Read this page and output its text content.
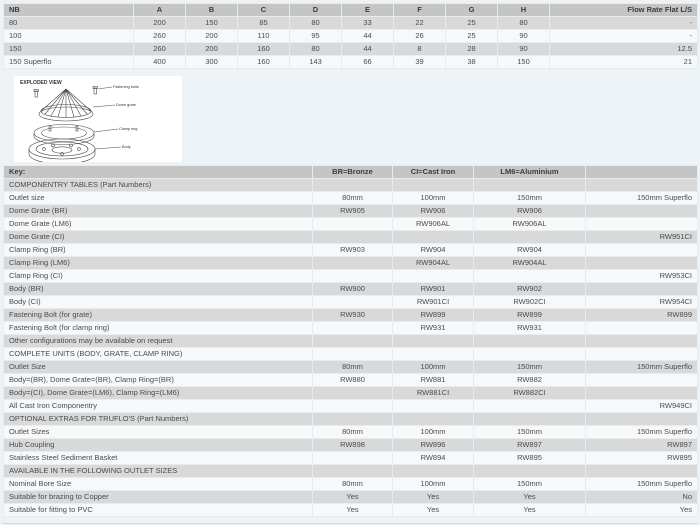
NB	A	B	C	D	E	F	G	H	Flow Rate Flat L/S
80	200	150	85	80	33	22	25	80	-
100	260	200	110	95	44	26	25	90	-
150	260	200	160	80	44	8	28	90	12.5
150 Superflo	400	300	160	143	66	39	38	150	21
EXPLODED VIEW
Fastening bolts
Dome grate
Clamp ring
Body
Key:	BR=Bronze	CI=Cast Iron	LM6=Aluminium	
COMPONENTRY TABLES (Part Numbers)				
Outlet size	80mm	100mm	150mm	150mm Superflo
Dome Grate (BR)	RW905	RW906	RW906	
Dome Grate (LM6)		RW906AL	RW906AL	
Dome Grate (CI)				RW951CI
Clamp Ring (BR)	RW903	RW904	RW904	
Clamp Ring (LM6)		RW904AL	RW904AL	
Clamp Ring (CI)				RW953CI
Body (BR)	RW900	RW901	RW902	
Body (CI)		RW901CI	RW902CI	RW954CI
Fastening Bolt (for grate)	RW930	RW899	RW899	RW899
Fastening Bolt (for clamp ring)		RW931	RW931	
Other configurations may be available on request				
COMPLETE UNITS (BODY, GRATE, CLAMP RING)				
Outlet Size	80mm	100mm	150mm	150mm Superflo
Body=(BR), Dome Grate=(BR), Clamp Ring=(BR)	RW880	RW881	RW882	
Body=(CI), Dome Grate=(LM6), Clamp Ring=(LM6)		RW881CI	RW882CI	
All Cast Iron Componentry				RW949CI
OPTIONAL EXTRAS FOR TRUFLO'S (Part Numbers)				
Outlet Sizes	80mm	100mm	150mm	150mm Superflo
Hub Coupling	RW898	RW896	RW897	RW897
Stainless Steel Sediment Basket		RW894	RW895	RW895
AVAILABLE IN THE FOLLOWING OUTLET SIZES				
Nominal Bore Size	80mm	100mm	150mm	150mm Superflo
Suitable for brazing to Copper	Yes	Yes	Yes	No
Suitable for fitting to PVC	Yes	Yes	Yes	Yes
